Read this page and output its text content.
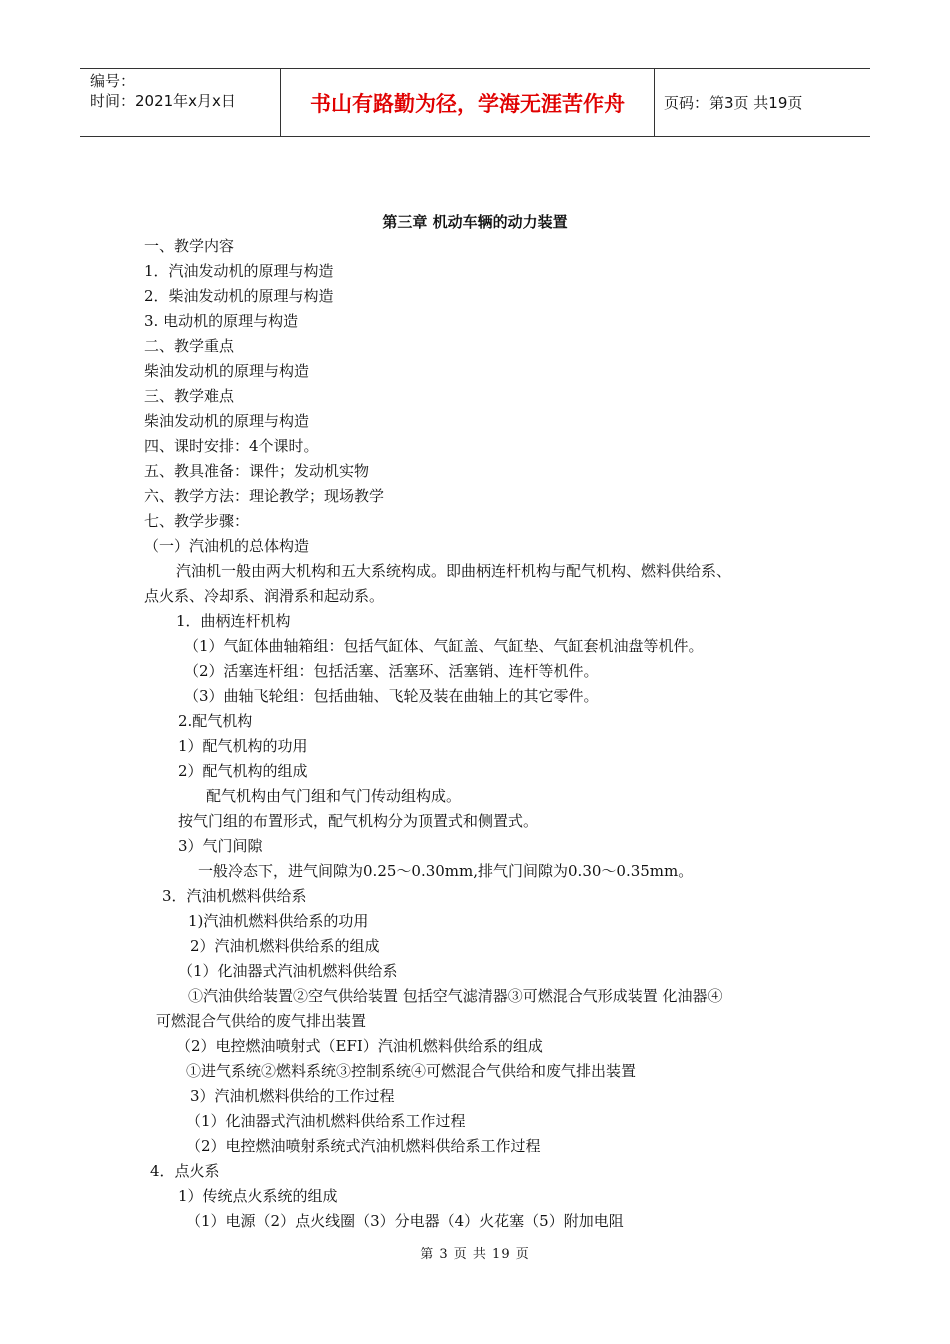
编号：
时间：2021年x月x日	书山有路勤为径，学海无涯苦作舟	页码：第3页 共19页
第三章 机动车辆的动力装置
一、教学内容
1．汽油发动机的原理与构造
2．柴油发动机的原理与构造
3. 电动机的原理与构造
二、教学重点
柴油发动机的原理与构造
三、教学难点
柴油发动机的原理与构造
四、课时安排：4个课时。
五、教具准备：课件；发动机实物
六、教学方法：理论教学；现场教学
七、教学步骤：
（一）汽油机的总体构造
汽油机一般由两大机构和五大系统构成。即曲柄连杆机构与配气机构、燃料供给系、
点火系、冷却系、润滑系和起动系。
1．曲柄连杆机构
（1）气缸体曲轴箱组：包括气缸体、气缸盖、气缸垫、气缸套机油盘等机件。
（2）活塞连杆组：包括活塞、活塞环、活塞销、连杆等机件。
（3）曲轴飞轮组：包括曲轴、飞轮及装在曲轴上的其它零件。
2.配气机构
1）配气机构的功用
2）配气机构的组成
配气机构由气门组和气门传动组构成。
按气门组的布置形式，配气机构分为顶置式和侧置式。
3）气门间隙
一般冷态下，进气间隙为0.25～0.30mm,排气门间隙为0.30～0.35mm。
3．汽油机燃料供给系
1)汽油机燃料供给系的功用
2）汽油机燃料供给系的组成
（1）化油器式汽油机燃料供给系
①汽油供给装置②空气供给装置 包括空气滤清器③可燃混合气形成装置 化油器④
可燃混合气供给的废气排出装置
（2）电控燃油喷射式（EFI）汽油机燃料供给系的组成
①进气系统②燃料系统③控制系统④可燃混合气供给和废气排出装置
3）汽油机燃料供给的工作过程
（1）化油器式汽油机燃料供给系工作过程
（2）电控燃油喷射系统式汽油机燃料供给系工作过程
4．点火系
1）传统点火系统的组成
（1）电源（2）点火线圈（3）分电器（4）火花塞（5）附加电阻
第 3 页 共 19 页
